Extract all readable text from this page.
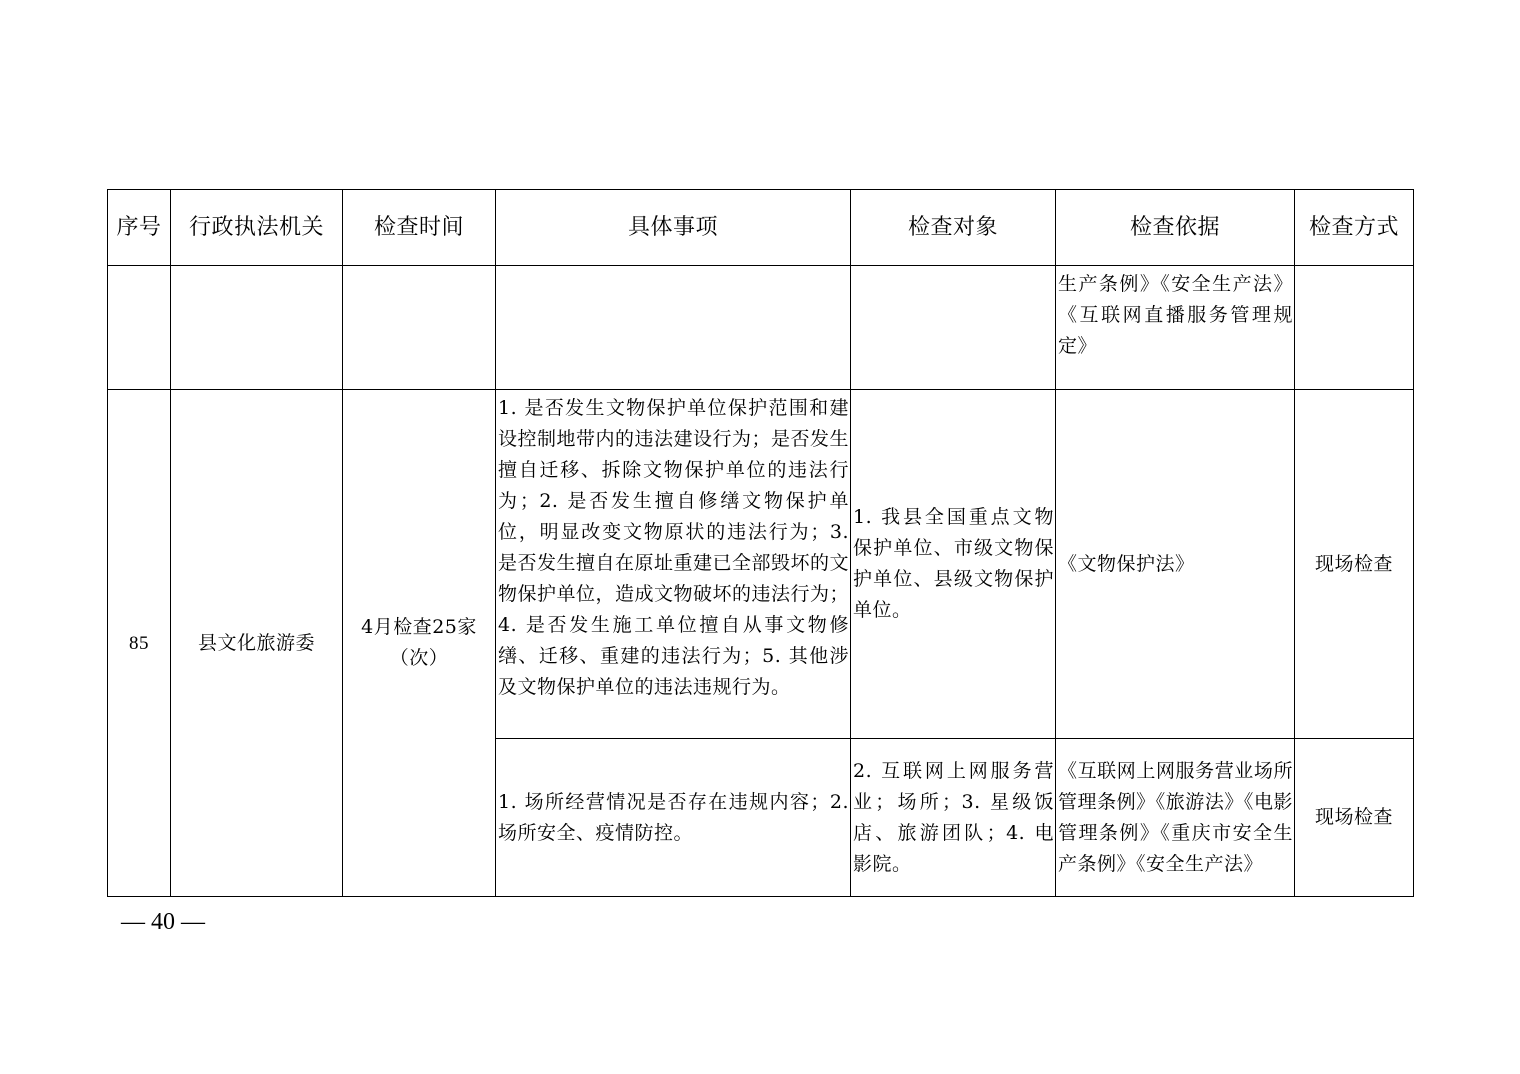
序号	行政执法机关	检查时间	具体事项	检查对象	检查依据	检查方式
					生产条例》《安全生产法》《互联网直播服务管理规定》	
85	县文化旅游委	4月检查25家（次）	1. 是否发生文物保护单位保护范围和建设控制地带内的违法建设行为；是否发生擅自迁移、拆除文物保护单位的违法行为；2. 是否发生擅自修缮文物保护单位，明显改变文物原状的违法行为；3. 是否发生擅自在原址重建已全部毁坏的文物保护单位，造成文物破坏的违法行为；4. 是否发生施工单位擅自从事文物修缮、迁移、重建的违法行为；5. 其他涉及文物保护单位的违法违规行为。	1. 我县全国重点文物保护单位、市级文物保护单位、县级文物保护单位。	《文物保护法》	现场检查
			1. 场所经营情况是否存在违规内容；2. 场所安全、疫情防控。	2. 互联网上网服务营业；场所；3. 星级饭店、旅游团队；4. 电影院。	《互联网上网服务营业场所管理条例》《旅游法》《电影管理条例》《重庆市安全生产条例》《安全生产法》	现场检查
— 40 —
